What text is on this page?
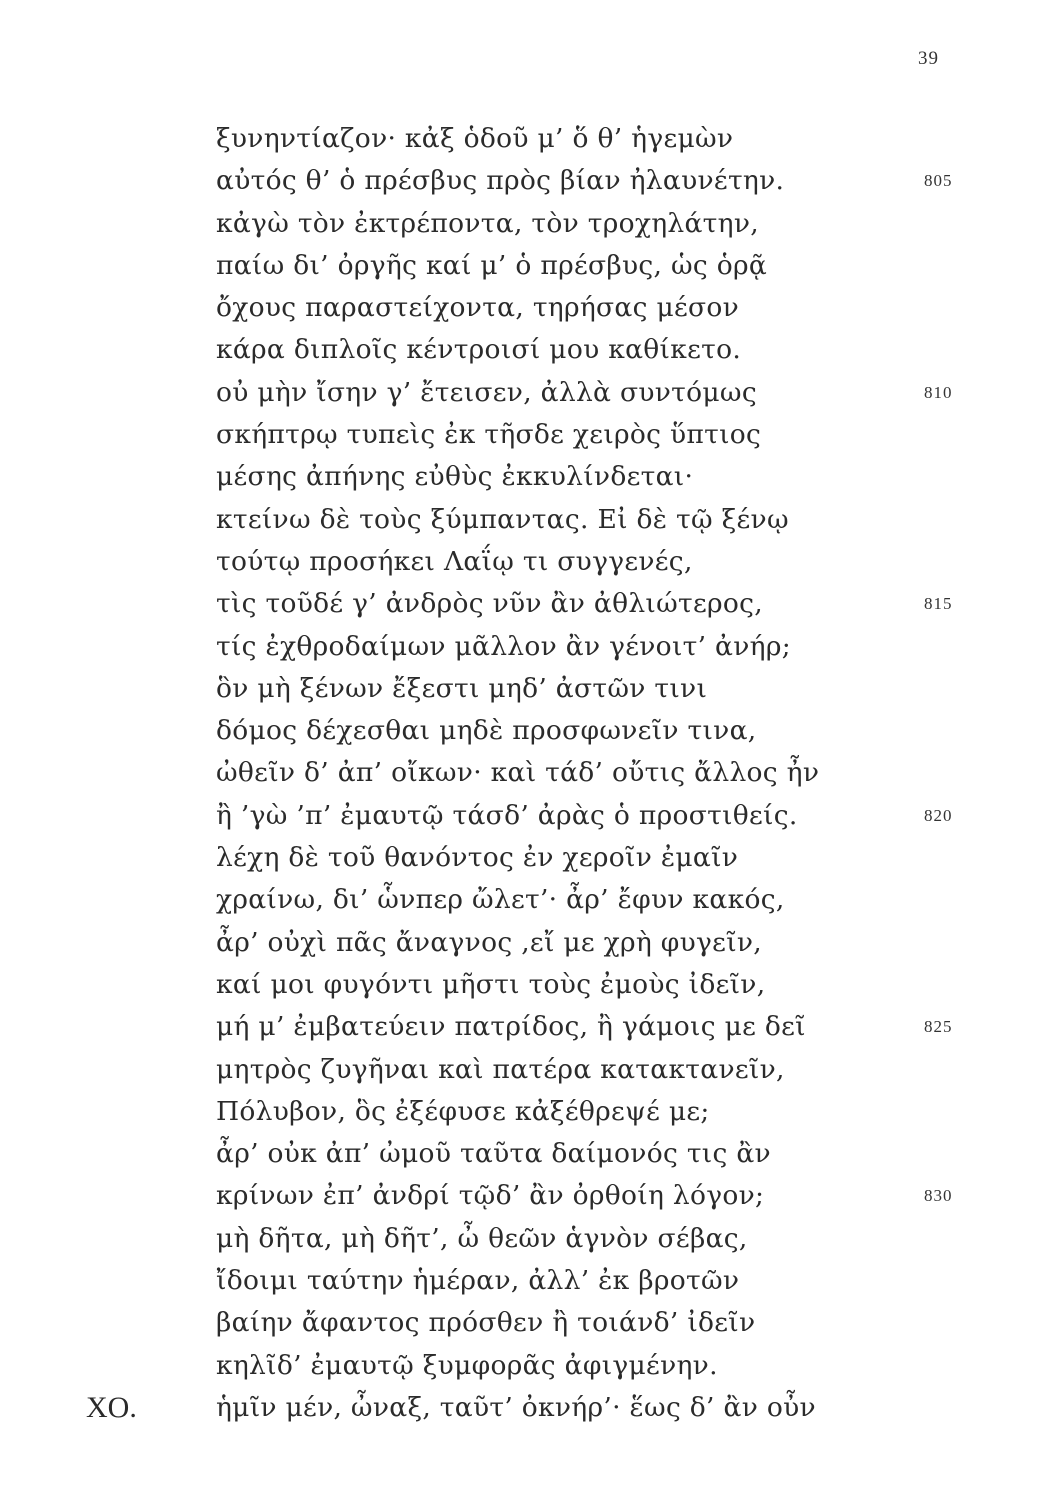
39
ξυνηντίαζον· κἀξ ὁδοῦ μ’ ὅ θ’ ἡγεμὼν
αὐτός θ’ ὁ πρέσβυς πρὸς βίαν ἠλαυνέτην.	805
κἀγὼ τὸν ἐκτρέποντα, τὸν τροχηλάτην,
παίω δι’ ὀργῆς καί μ’ ὁ πρέσβυς, ὡς ὁρᾷ
ὄχους παραστείχοντα, τηρήσας μέσον
κάρα διπλοῖς κέντροισί μου καθίκετο.
οὐ μὴν ἴσην γ’ ἔτεισεν, ἀλλὰ συντόμως	810
σκήπτρῳ τυπεὶς ἐκ τῆσδε χειρὸς ὕπτιος
μέσης ἀπήνης εὐθὺς ἐκκυλίνδεται·
κτείνω δὲ τοὺς ξύμπαντας. Εἰ δὲ τῷ ξένῳ
τούτῳ προσήκει Λαΐῳ τι συγγενές,
τὶς τοῦδέ γ’ ἀνδρὸς νῦν ἂν ἀθλιώτερος,	815
τίς ἐχθροδαίμων μᾶλλον ἂν γένοιτ’ ἀνήρ;
ὃν μὴ ξένων ἔξεστι μηδ’ ἀστῶν τινι
δόμος δέχεσθαι μηδὲ προσφωνεῖν τινα,
ὠθεῖν δ’ ἀπ’ οἴκων· καὶ τάδ’ οὔτις ἄλλος ἦν
ἢ ’γὼ ’π’ ἐμαυτῷ τάσδ’ ἀρὰς ὁ προστιθείς.	820
λέχη δὲ τοῦ θανόντος ἐν χεροῖν ἐμαῖν
χραίνω, δι’ ὧνπερ ὤλετ’· ἆρ’ ἔφυν κακός,
ἆρ’ οὐχὶ πᾶς ἄναγνος ,εἴ με χρὴ φυγεῖν,
καί μοι φυγόντι μῆστι τοὺς ἐμοὺς ἰδεῖν,
μή μ’ ἐμβατεύειν πατρίδος, ἢ γάμοις με δεῖ	825
μητρὸς ζυγῆναι καὶ πατέρα κατακτανεῖν,
Πόλυβον, ὃς ἐξέφυσε κἀξέθρεψέ με;
ἆρ’ οὐκ ἀπ’ ὠμοῦ ταῦτα δαίμονός τις ἂν
κρίνων ἐπ’ ἀνδρί τῷδ’ ἂν ὀρθοίη λόγον;	830
μὴ δῆτα, μὴ δῆτ’, ὦ θεῶν ἁγνὸν σέβας,
ἴδοιμι ταύτην ἡμέραν, ἀλλ’ ἐκ βροτῶν
βαίην ἄφαντος πρόσθεν ἢ τοιάνδ’ ἰδεῖν
κηλῖδ’ ἐμαυτῷ ξυμφορᾶς ἀφιγμένην.
ΧΟ.	ἡμῖν μέν, ὦναξ, ταῦτ’ ὀκνήρ’· ἕως δ’ ἂν οὖν
